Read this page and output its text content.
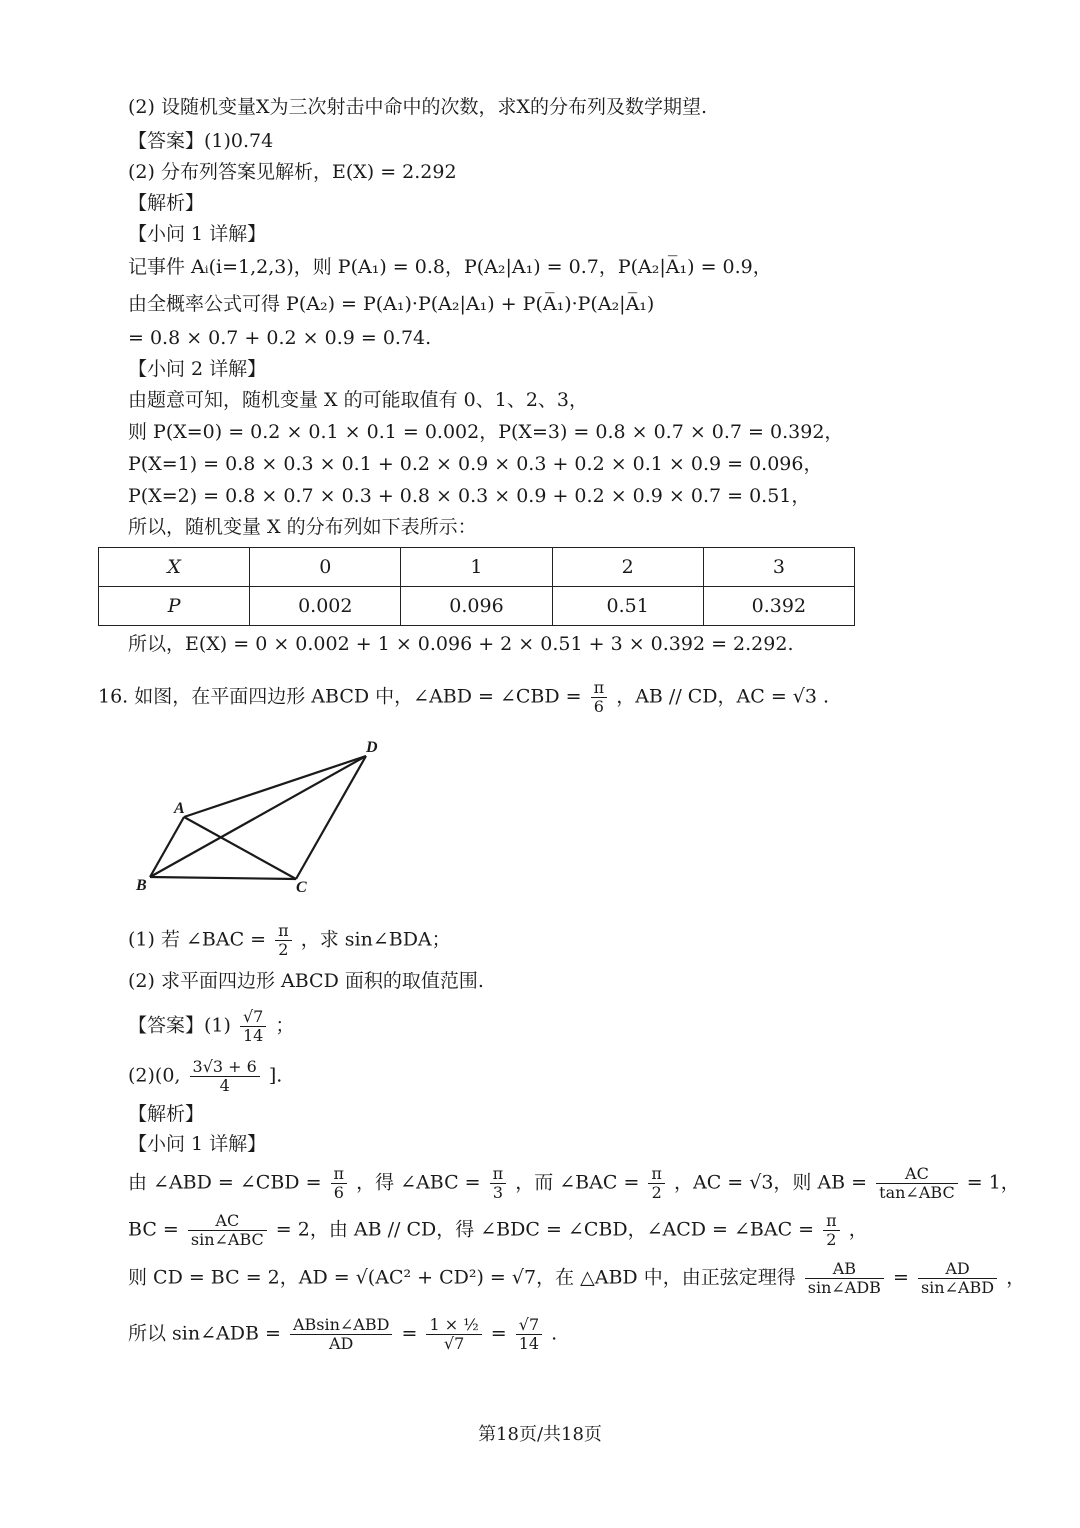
(2) 设随机变量X为三次射击中命中的次数，求X的分布列及数学期望.
【答案】(1)0.74
(2) 分布列答案见解析，E(X) = 2.292
【解析】
【小问 1 详解】
记事件 Aᵢ(i=1,2,3)，则 P(A₁) = 0.8，P(A₂|A₁) = 0.7，P(A₂|A̅₁) = 0.9，
由全概率公式可得 P(A₂) = P(A₁)·P(A₂|A₁) + P(A̅₁)·P(A₂|A̅₁)
= 0.8 × 0.7 + 0.2 × 0.9 = 0.74.
【小问 2 详解】
由题意可知，随机变量 X 的可能取值有 0、1、2、3，
则 P(X=0) = 0.2 × 0.1 × 0.1 = 0.002，P(X=3) = 0.8 × 0.7 × 0.7 = 0.392，
P(X=1) = 0.8 × 0.3 × 0.1 + 0.2 × 0.9 × 0.3 + 0.2 × 0.1 × 0.9 = 0.096，
P(X=2) = 0.8 × 0.7 × 0.3 + 0.8 × 0.3 × 0.9 + 0.2 × 0.9 × 0.7 = 0.51，
所以，随机变量 X 的分布列如下表所示：
X	0	1	2	3
P	0.002	0.096	0.51	0.392
所以，E(X) = 0 × 0.002 + 1 × 0.096 + 2 × 0.51 + 3 × 0.392 = 2.292.
16. 如图，在平面四边形 ABCD 中，∠ABD = ∠CBD = $\frac{\pi}{6}$ ，AB // CD，AC = √3 .
A
B	C
D
(1) 若 ∠BAC = $\frac{\pi}{2}$ ，求 sin∠BDA；
(2) 求平面四边形 ABCD 面积的取值范围.
【答案】$(1) \frac{√7}{14}$ ；
(2)(0, $\frac{3√3 + 6}{4}$ ].
【解析】
【小问 1 详解】
由 ∠ABD = ∠CBD = $\frac{\pi}{6}$ ，得 ∠ABC = $\frac{\pi}{3}$ ，而 ∠BAC = $\frac{\pi}{2}$ ，AC = √3，则 AB = $\frac{AC}{\text{tan∠ABC}} = 1$，
BC = $\frac{AC}{\text{sin∠ABC}} = 2$，由 AB // CD，得 ∠BDC = ∠CBD，∠ACD = ∠BAC = $\frac{\pi}{2}$ ，
则 CD = BC = 2，AD = √(AC² + CD²) = √7，在 △ABD 中，由正弦定理得 $\frac{AB}{\text{sin∠ADB}} = \frac{AD}{\text{sin∠ABD}}$ ，
所以 sin∠ADB = $\frac{\text{ABsin∠ABD}}{AD} = \frac{\text{1 × ½}}{√7} = \frac{√7}{14}$ .
第18页/共18页
